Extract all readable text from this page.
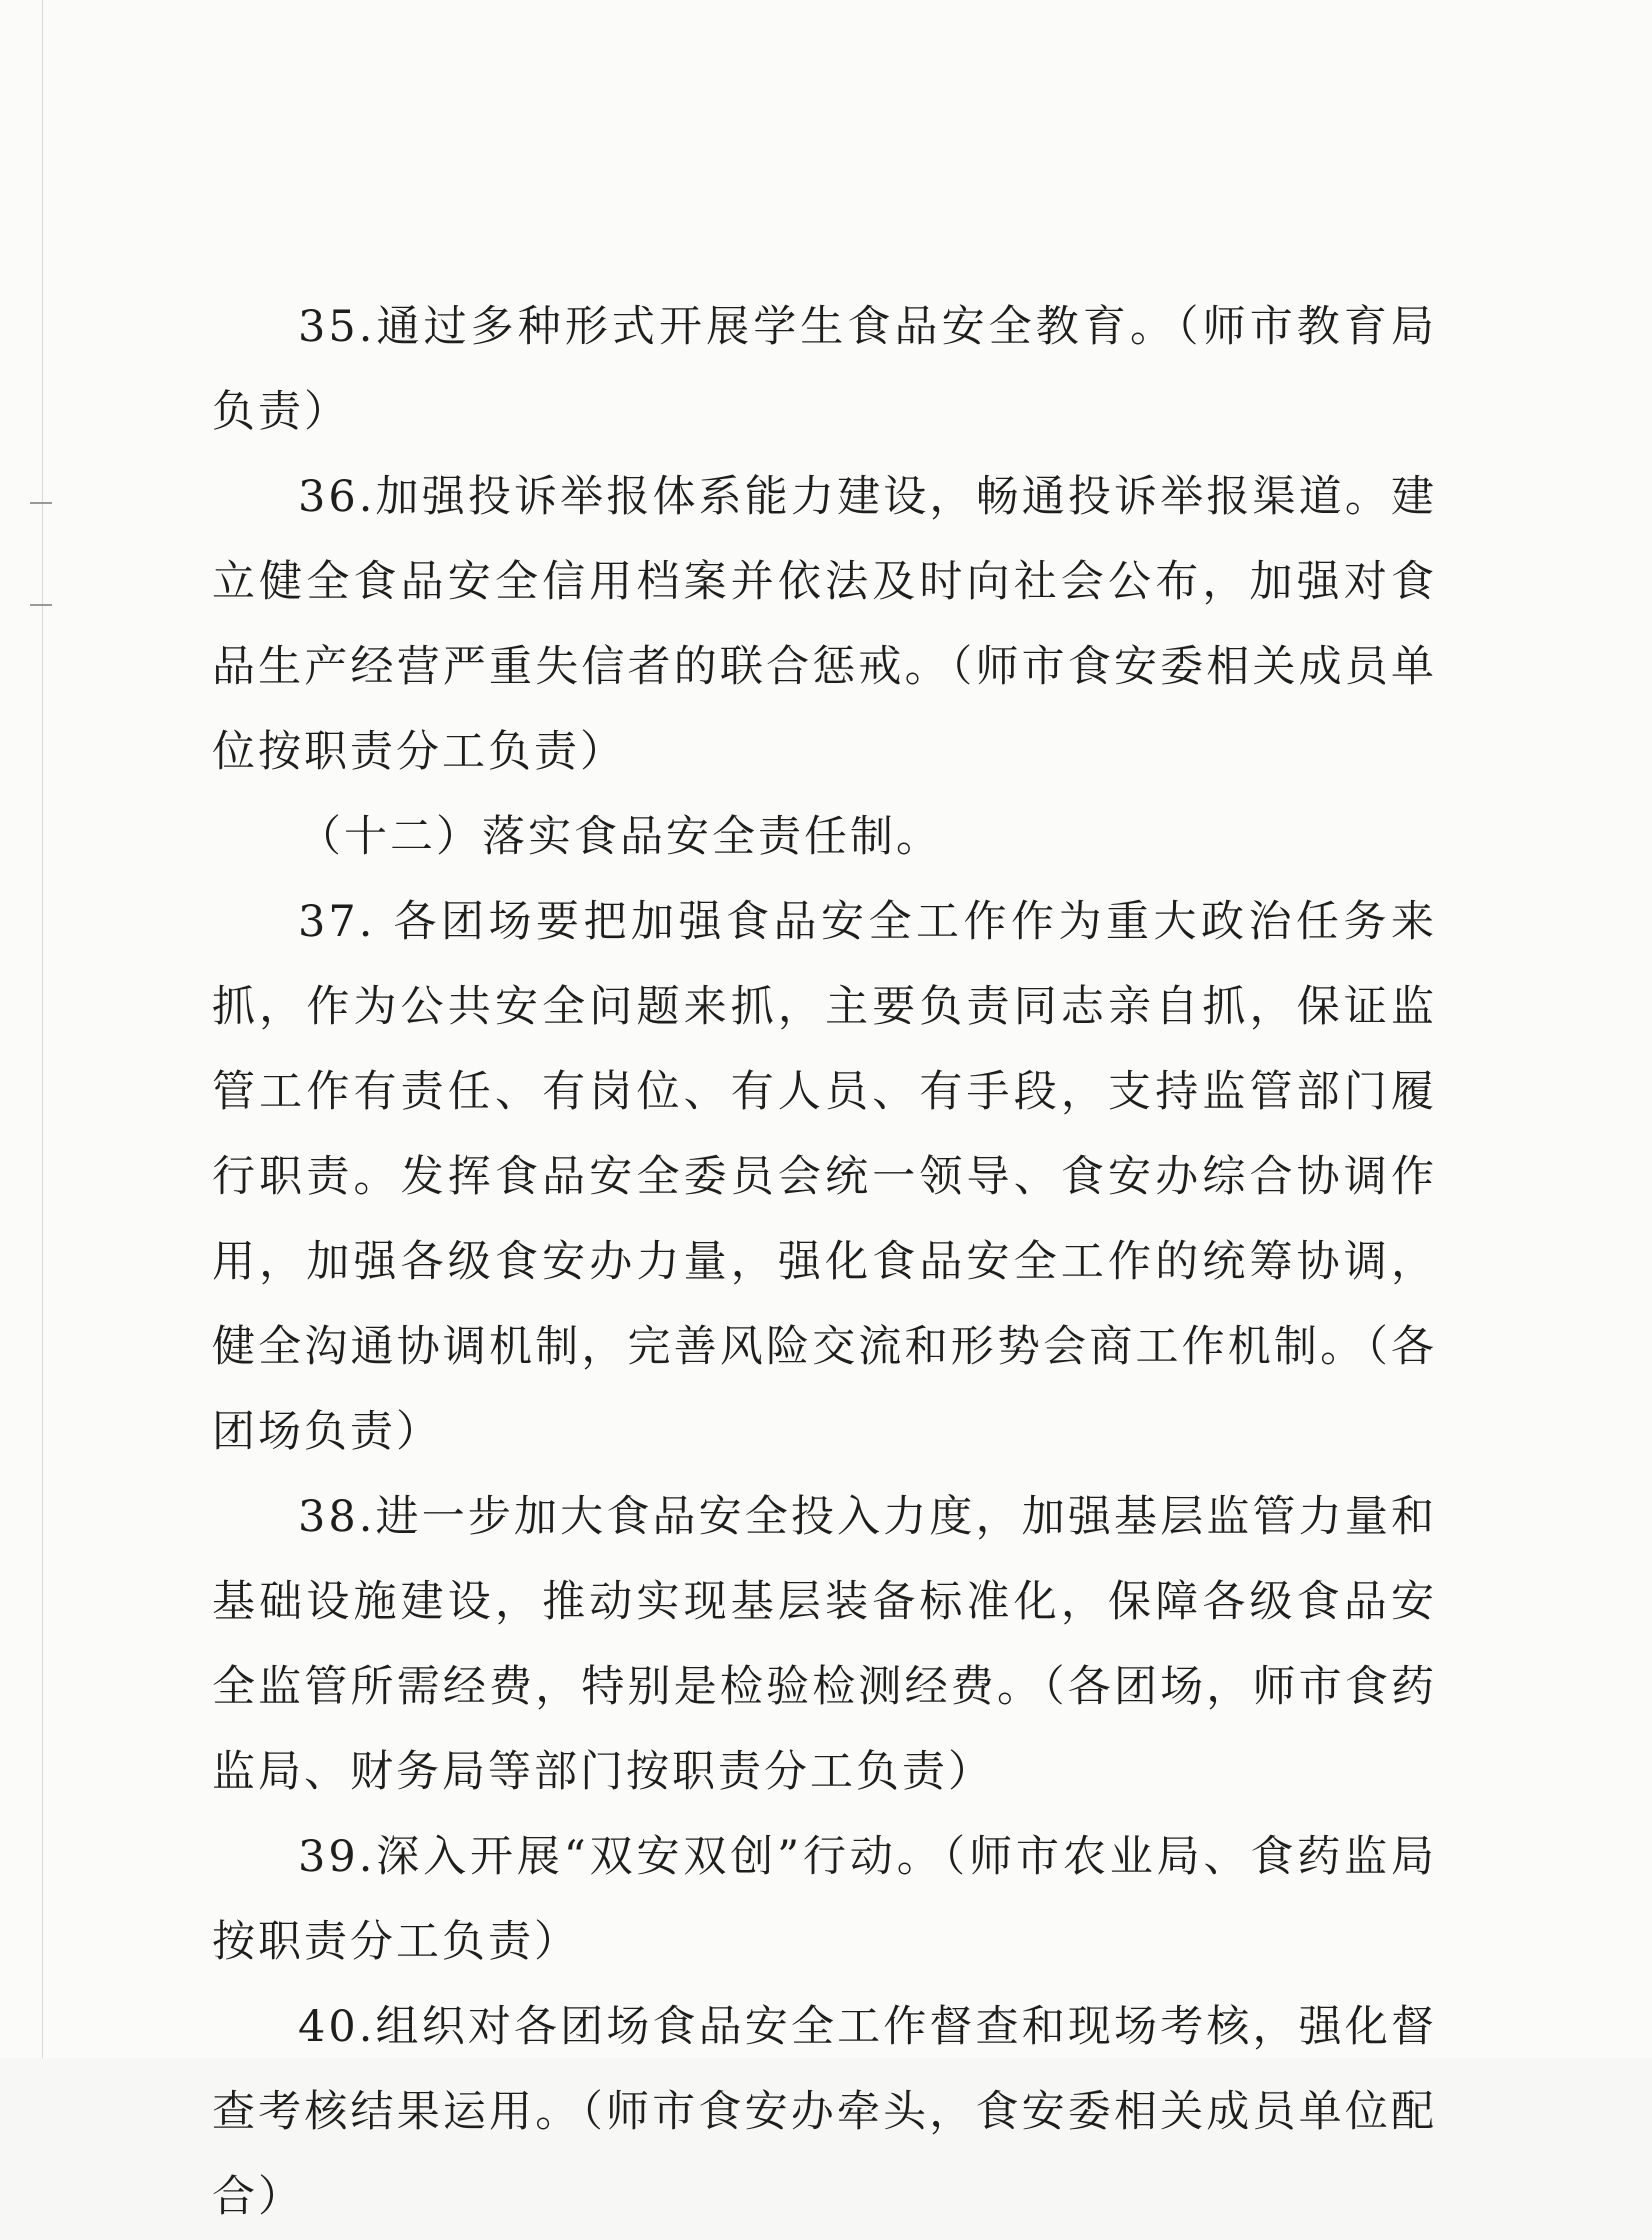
35.通过多种形式开展学生食品安全教育。（师市教育局负责）

36.加强投诉举报体系能力建设，畅通投诉举报渠道。建立健全食品安全信用档案并依法及时向社会公布，加强对食品生产经营严重失信者的联合惩戒。（师市食安委相关成员单位按职责分工负责）

（十二）落实食品安全责任制。

37. 各团场要把加强食品安全工作作为重大政治任务来抓，作为公共安全问题来抓，主要负责同志亲自抓，保证监管工作有责任、有岗位、有人员、有手段，支持监管部门履行职责。发挥食品安全委员会统一领导、食安办综合协调作用，加强各级食安办力量，强化食品安全工作的统筹协调，健全沟通协调机制，完善风险交流和形势会商工作机制。（各团场负责）

38.进一步加大食品安全投入力度，加强基层监管力量和基础设施建设，推动实现基层装备标准化，保障各级食品安全监管所需经费，特别是检验检测经费。（各团场，师市食药监局、财务局等部门按职责分工负责）

39.深入开展“双安双创”行动。（师市农业局、食药监局按职责分工负责）

40.组织对各团场食品安全工作督查和现场考核，强化督查考核结果运用。（师市食安办牵头，食安委相关成员单位配合）
